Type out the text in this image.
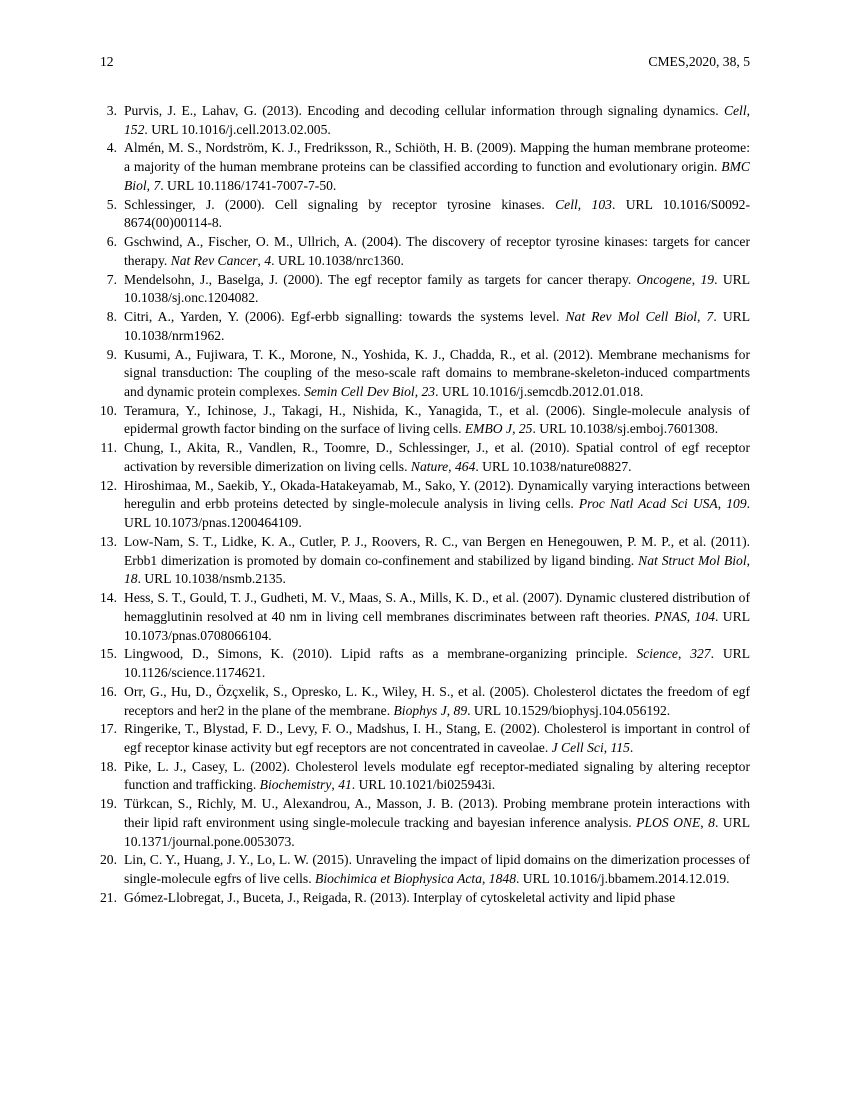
12	CMES,2020, 38, 5
3. Purvis, J. E., Lahav, G. (2013). Encoding and decoding cellular information through signaling dynamics. Cell, 152. URL 10.1016/j.cell.2013.02.005.
4. Almén, M. S., Nordström, K. J., Fredriksson, R., Schiöth, H. B. (2009). Mapping the human membrane proteome: a majority of the human membrane proteins can be classified according to function and evolutionary origin. BMC Biol, 7. URL 10.1186/1741-7007-7-50.
5. Schlessinger, J. (2000). Cell signaling by receptor tyrosine kinases. Cell, 103. URL 10.1016/S0092-8674(00)00114-8.
6. Gschwind, A., Fischer, O. M., Ullrich, A. (2004). The discovery of receptor tyrosine kinases: targets for cancer therapy. Nat Rev Cancer, 4. URL 10.1038/nrc1360.
7. Mendelsohn, J., Baselga, J. (2000). The egf receptor family as targets for cancer therapy. Oncogene, 19. URL 10.1038/sj.onc.1204082.
8. Citri, A., Yarden, Y. (2006). Egf-erbb signalling: towards the systems level. Nat Rev Mol Cell Biol, 7. URL 10.1038/nrm1962.
9. Kusumi, A., Fujiwara, T. K., Morone, N., Yoshida, K. J., Chadda, R., et al. (2012). Membrane mechanisms for signal transduction: The coupling of the meso-scale raft domains to membrane-skeleton-induced compartments and dynamic protein complexes. Semin Cell Dev Biol, 23. URL 10.1016/j.semcdb.2012.01.018.
10. Teramura, Y., Ichinose, J., Takagi, H., Nishida, K., Yanagida, T., et al. (2006). Single-molecule analysis of epidermal growth factor binding on the surface of living cells. EMBO J, 25. URL 10.1038/sj.emboj.7601308.
11. Chung, I., Akita, R., Vandlen, R., Toomre, D., Schlessinger, J., et al. (2010). Spatial control of egf receptor activation by reversible dimerization on living cells. Nature, 464. URL 10.1038/nature08827.
12. Hiroshimaa, M., Saekib, Y., Okada-Hatakeyamab, M., Sako, Y. (2012). Dynamically varying interactions between heregulin and erbb proteins detected by single-molecule analysis in living cells. Proc Natl Acad Sci USA, 109. URL 10.1073/pnas.1200464109.
13. Low-Nam, S. T., Lidke, K. A., Cutler, P. J., Roovers, R. C., van Bergen en Henegouwen, P. M. P., et al. (2011). Erbb1 dimerization is promoted by domain co-confinement and stabilized by ligand binding. Nat Struct Mol Biol, 18. URL 10.1038/nsmb.2135.
14. Hess, S. T., Gould, T. J., Gudheti, M. V., Maas, S. A., Mills, K. D., et al. (2007). Dynamic clustered distribution of hemagglutinin resolved at 40 nm in living cell membranes discriminates between raft theories. PNAS, 104. URL 10.1073/pnas.0708066104.
15. Lingwood, D., Simons, K. (2010). Lipid rafts as a membrane-organizing principle. Science, 327. URL 10.1126/science.1174621.
16. Orr, G., Hu, D., Özçxelik, S., Opresko, L. K., Wiley, H. S., et al. (2005). Cholesterol dictates the freedom of egf receptors and her2 in the plane of the membrane. Biophys J, 89. URL 10.1529/biophysj.104.056192.
17. Ringerike, T., Blystad, F. D., Levy, F. O., Madshus, I. H., Stang, E. (2002). Cholesterol is important in control of egf receptor kinase activity but egf receptors are not concentrated in caveolae. J Cell Sci, 115.
18. Pike, L. J., Casey, L. (2002). Cholesterol levels modulate egf receptor-mediated signaling by altering receptor function and trafficking. Biochemistry, 41. URL 10.1021/bi025943i.
19. Türkcan, S., Richly, M. U., Alexandrou, A., Masson, J. B. (2013). Probing membrane protein interactions with their lipid raft environment using single-molecule tracking and bayesian inference analysis. PLOS ONE, 8. URL 10.1371/journal.pone.0053073.
20. Lin, C. Y., Huang, J. Y., Lo, L. W. (2015). Unraveling the impact of lipid domains on the dimerization processes of single-molecule egfrs of live cells. Biochimica et Biophysica Acta, 1848. URL 10.1016/j.bbamem.2014.12.019.
21. Gómez-Llobregat, J., Buceta, J., Reigada, R. (2013). Interplay of cytoskeletal activity and lipid phase
